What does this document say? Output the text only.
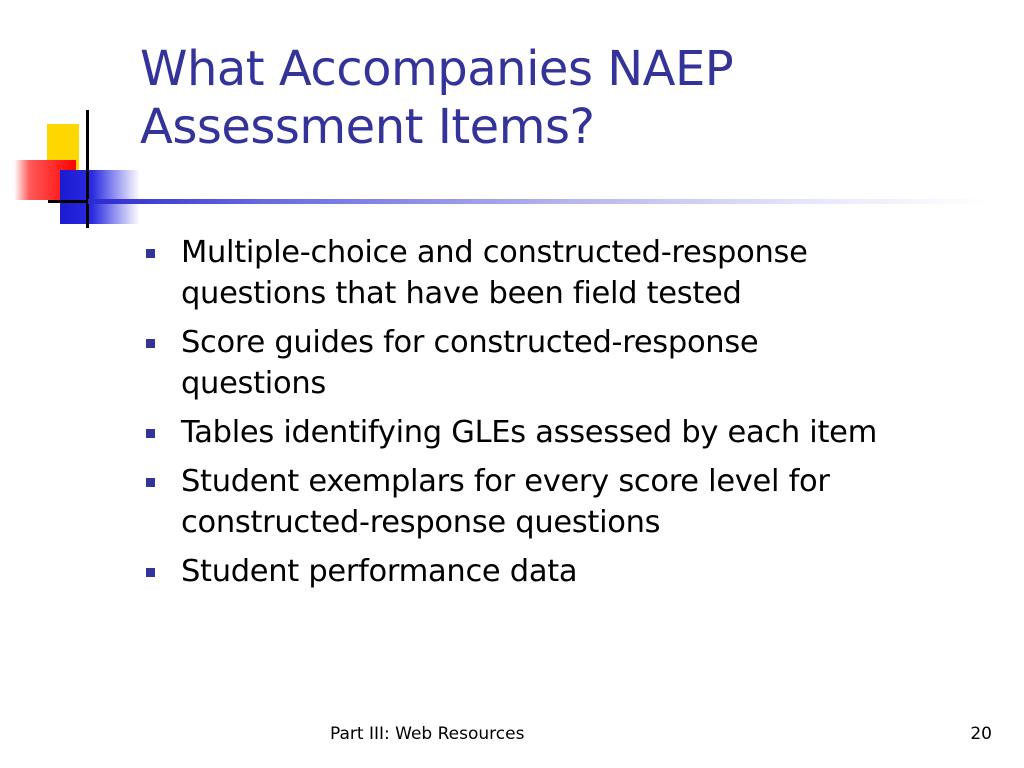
What Accompanies NAEP
Assessment Items?
Multiple-choice and constructed-response
questions that have been field tested
Score guides for constructed-response
questions
Tables identifying GLEs assessed by each item
Student exemplars for every score level for
constructed-response questions
Student performance data
Part III: Web Resources	20
